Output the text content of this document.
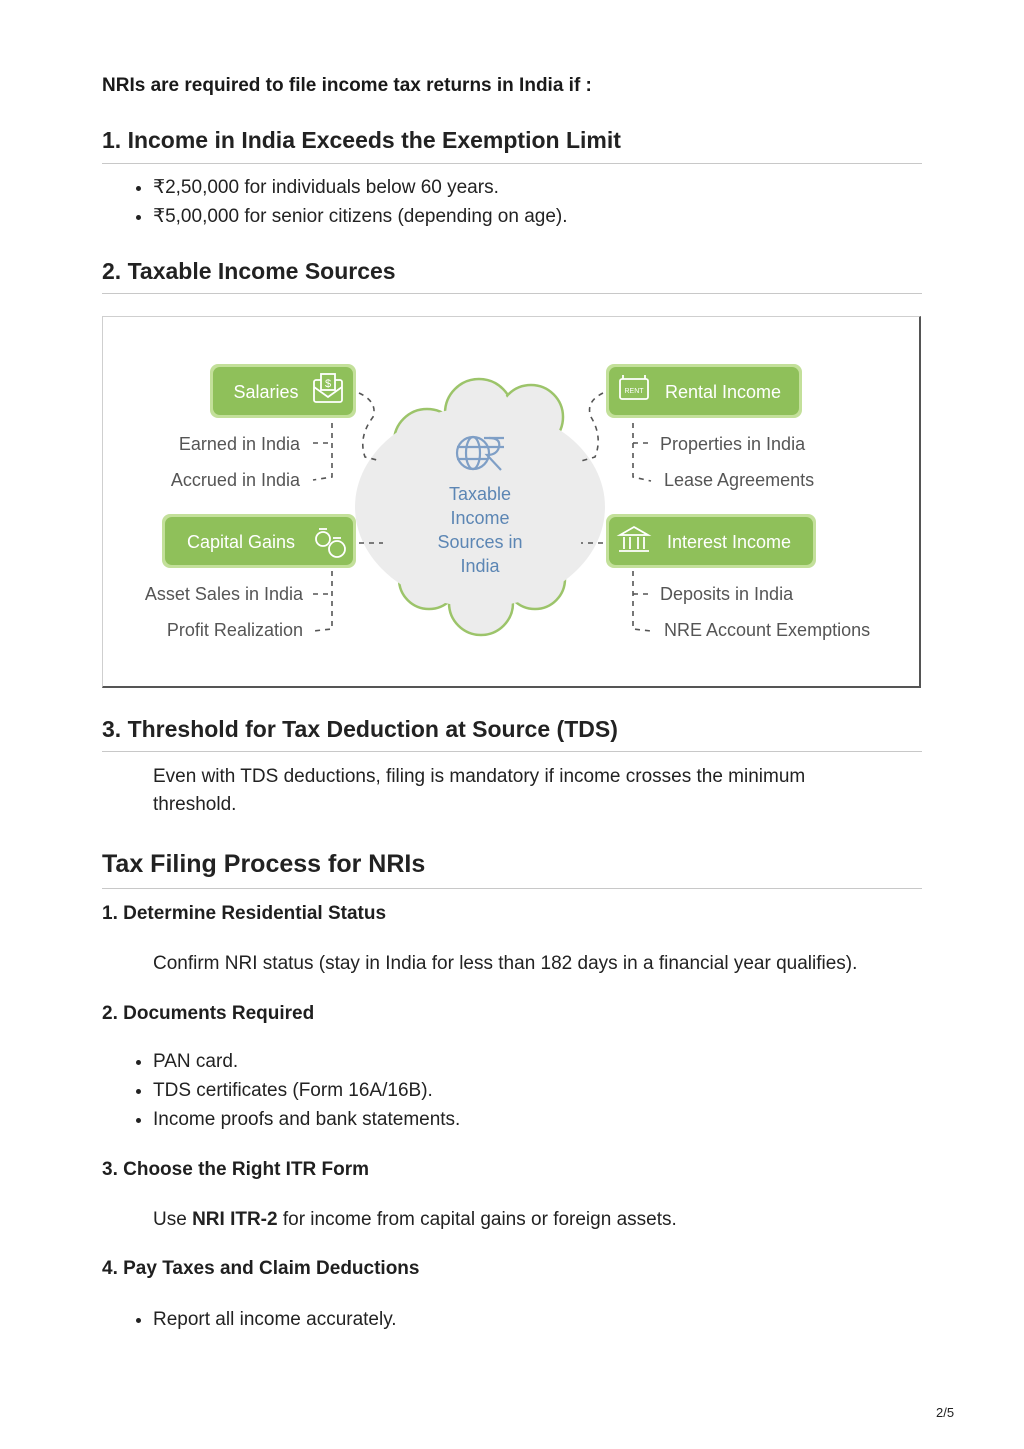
NRIs are required to file income tax returns in India if :
1. Income in India Exceeds the Exemption Limit
• ₹2,50,000 for individuals below 60 years.
• ₹5,00,000 for senior citizens (depending on age).
2. Taxable Income Sources
Taxable
Income
Sources in
India
Salaries $
Earned in India
Accrued in India
Capital Gains
Asset Sales in India
Profit Realization
RENT Rental Income
Properties in India
Lease Agreements
Interest Income
Deposits in India
NRE Account Exemptions
3. Threshold for Tax Deduction at Source (TDS)
Even with TDS deductions, filing is mandatory if income crosses the minimum threshold.
Tax Filing Process for NRIs
1. Determine Residential Status
Confirm NRI status (stay in India for less than 182 days in a financial year qualifies).
2. Documents Required
• PAN card.
• TDS certificates (Form 16A/16B).
• Income proofs and bank statements.
3. Choose the Right ITR Form
Use NRI ITR-2 for income from capital gains or foreign assets.
4. Pay Taxes and Claim Deductions
• Report all income accurately.
2/5
